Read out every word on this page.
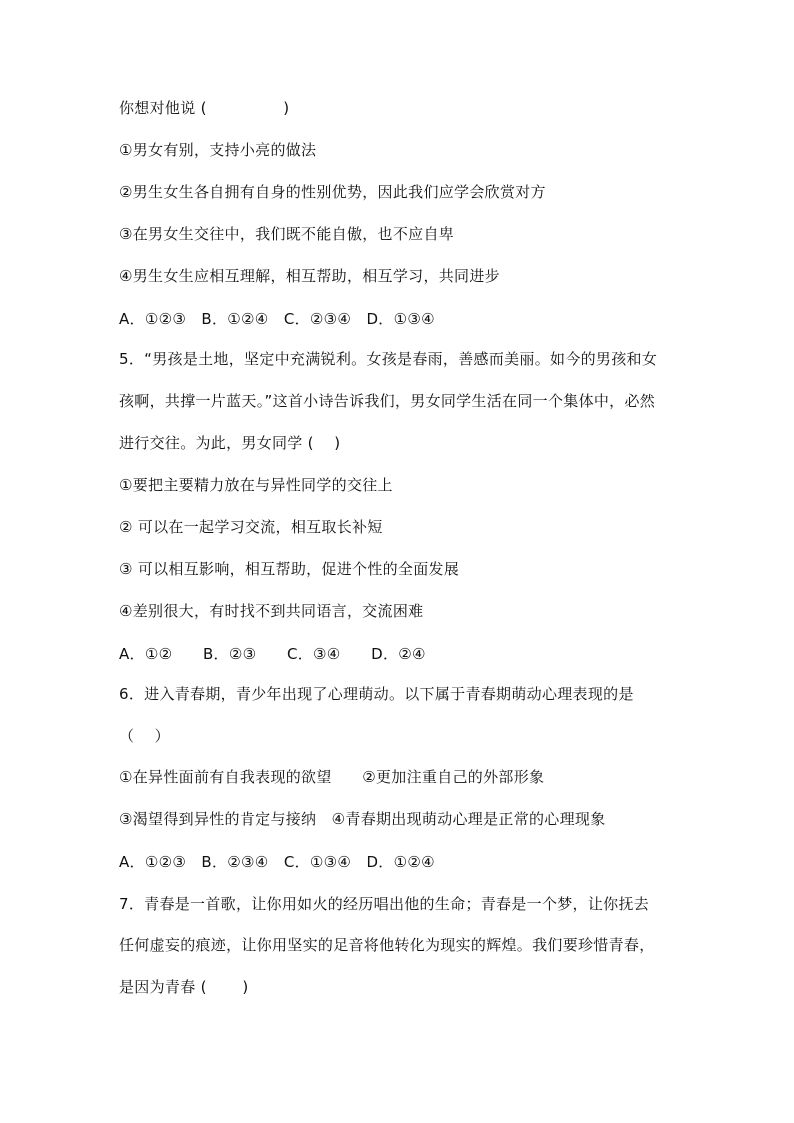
你想对他说 (　　　　　)
①男女有别，支持小亮的做法
②男生女生各自拥有自身的性别优势，因此我们应学会欣赏对方
③在男女生交往中，我们既不能自傲，也不应自卑
④男生女生应相互理解，相互帮助，相互学习，共同进步
A．①②③　B．①②④　C．②③④　D．①③④
5．“男孩是土地，坚定中充满锐利。女孩是春雨，善感而美丽。如今的男孩和女
孩啊，共撑一片蓝天。”这首小诗告诉我们，男女同学生活在同一个集体中，必然
进行交往。为此，男女同学 (　 )
①要把主要精力放在与异性同学的交往上
② 可以在一起学习交流，相互取长补短
③ 可以相互影响，相互帮助，促进个性的全面发展
④差别很大，有时找不到共同语言，交流困难
A．①②　　B．②③　　C．③④　　D．②④
6．进入青春期，青少年出现了心理萌动。以下属于青春期萌动心理表现的是
（　 ）
①在异性面前有自我表现的欲望　　②更加注重自己的外部形象
③渴望得到异性的肯定与接纳　④青春期出现萌动心理是正常的心理现象
A．①②③　B．②③④　C．①③④　D．①②④
7．青春是一首歌，让你用如火的经历唱出他的生命；青春是一个梦，让你抚去
任何虚妄的痕迹，让你用坚实的足音将他转化为现实的辉煌。我们要珍惜青春，
是因为青春 (　　 )
